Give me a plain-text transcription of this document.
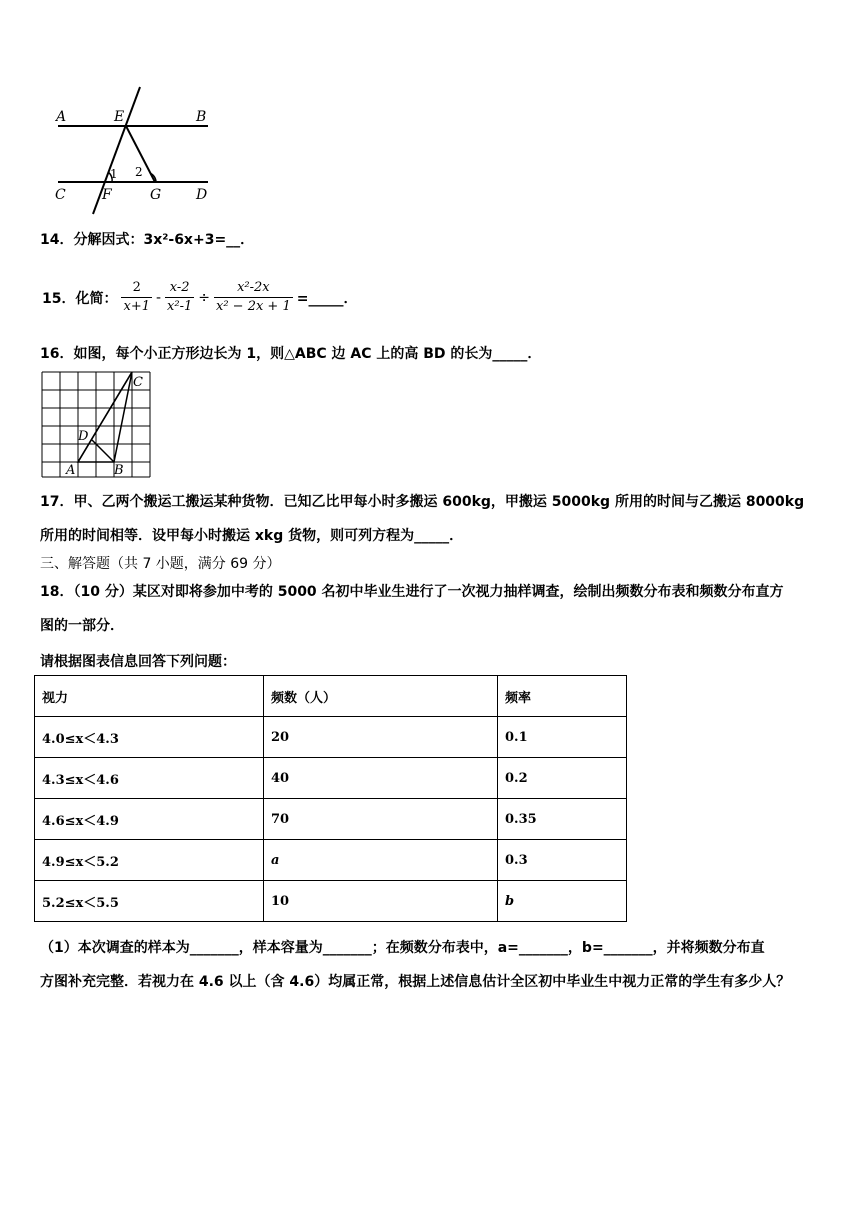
A	E	B
1 2
C	F	G D
14．分解因式：3x²-6x+3=__．
15．化简： $\frac{2}{x+1} - \frac{x-2}{\text{x²-1}} \div \frac{\text{x²-2x}}{\text{x² − 2x + 1}}$ =_____．
16．如图，每个小正方形边长为 1，则△ABC 边 AC 上的高 BD 的长为_____．
C
D
A	B
17．甲、乙两个搬运工搬运某种货物．已知乙比甲每小时多搬运 600kg，甲搬运 5000kg 所用的时间与乙搬运 8000kg
所用的时间相等．设甲每小时搬运 xkg 货物，则可列方程为_____．
三、解答题（共 7 小题，满分 69 分）
18．（10 分）某区对即将参加中考的 5000 名初中毕业生进行了一次视力抽样调查，绘制出频数分布表和频数分布直方
图的一部分．
请根据图表信息回答下列问题：
视力	频数（人）	频率
4.0≤x＜4.3	20	0.1
4.3≤x＜4.6	40	0.2
4.6≤x＜4.9	70	0.35
4.9≤x＜5.2	a	0.3
5.2≤x＜5.5	10	b
（1）本次调查的样本为_______，样本容量为_______；在频数分布表中，a=_______，b=_______，并将频数分布直
方图补充完整．若视力在 4.6 以上（含 4.6）均属正常，根据上述信息估计全区初中毕业生中视力正常的学生有多少人？
